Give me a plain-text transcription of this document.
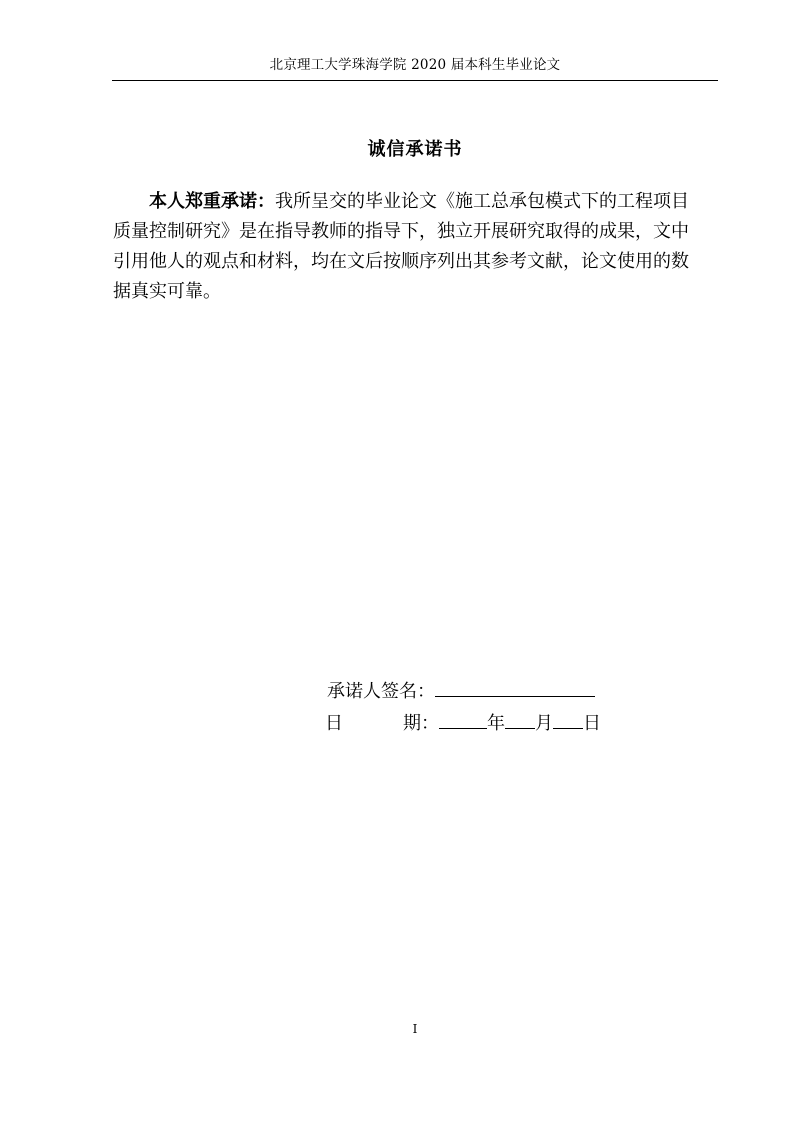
北京理工大学珠海学院 2020 届本科生毕业论文
诚信承诺书

本人郑重承诺：我所呈交的毕业论文《施工总承包模式下的工程项目质量控制研究》是在指导教师的指导下，独立开展研究取得的成果，文中引用他人的观点和材料，均在文后按顺序列出其参考文献，论文使用的数据真实可靠。

承诺人签名：
日	期：	年 月 日
I
